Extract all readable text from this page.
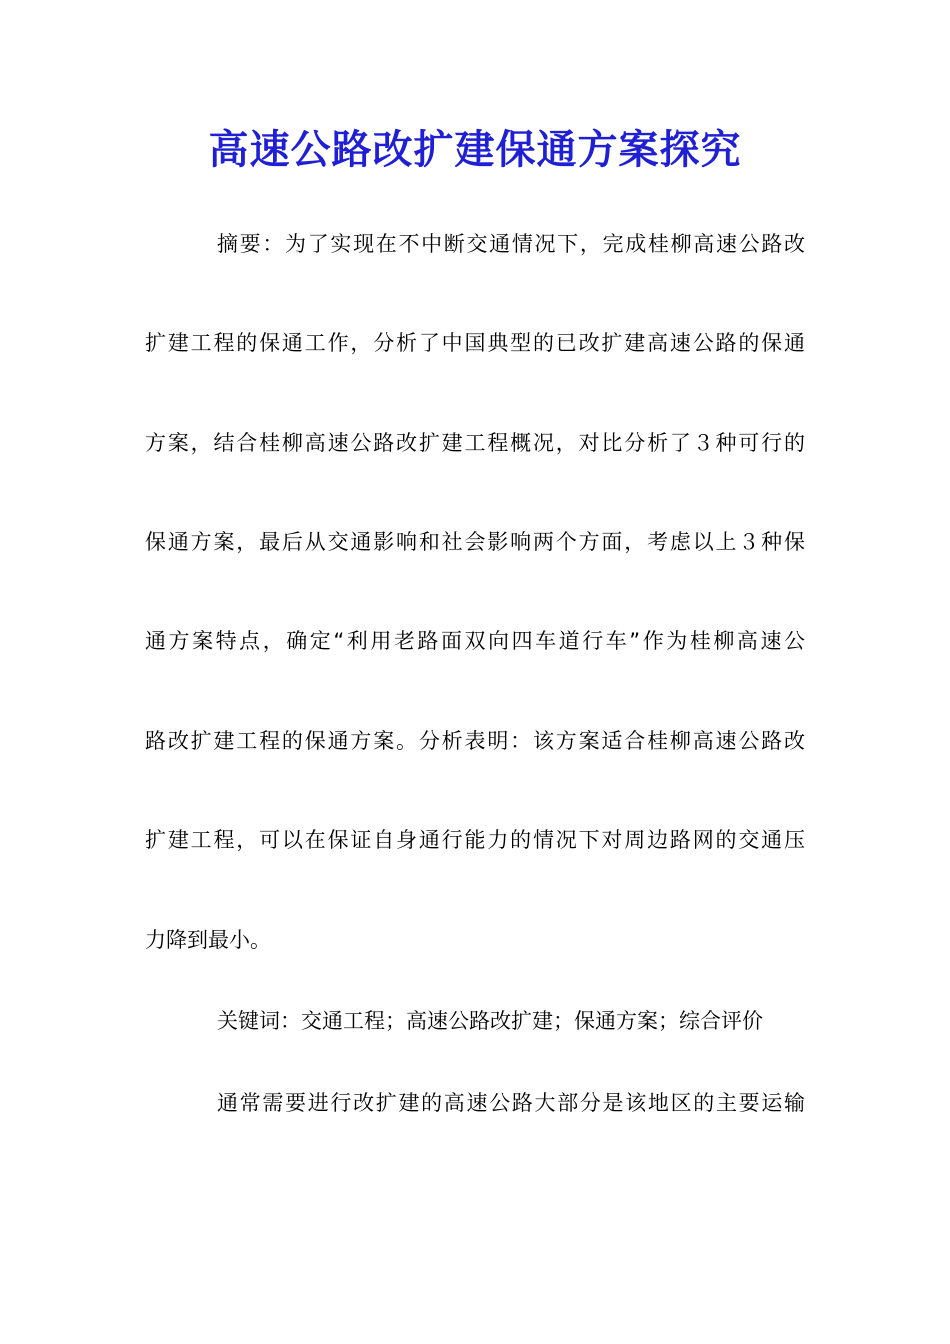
高速公路改扩建保通方案探究
摘要：为了实现在不中断交通情况下，完成桂柳高速公路改
扩建工程的保通工作，分析了中国典型的已改扩建高速公路的保通
方案，结合桂柳高速公路改扩建工程概况，对比分析了３种可行的
保通方案，最后从交通影响和社会影响两个方面，考虑以上３种保
通方案特点，确定“利用老路面双向四车道行车”作为桂柳高速公
路改扩建工程的保通方案。分析表明：该方案适合桂柳高速公路改
扩建工程，可以在保证自身通行能力的情况下对周边路网的交通压
力降到最小。
关键词：交通工程；高速公路改扩建；保通方案；综合评价
通常需要进行改扩建的高速公路大部分是该地区的主要运输
